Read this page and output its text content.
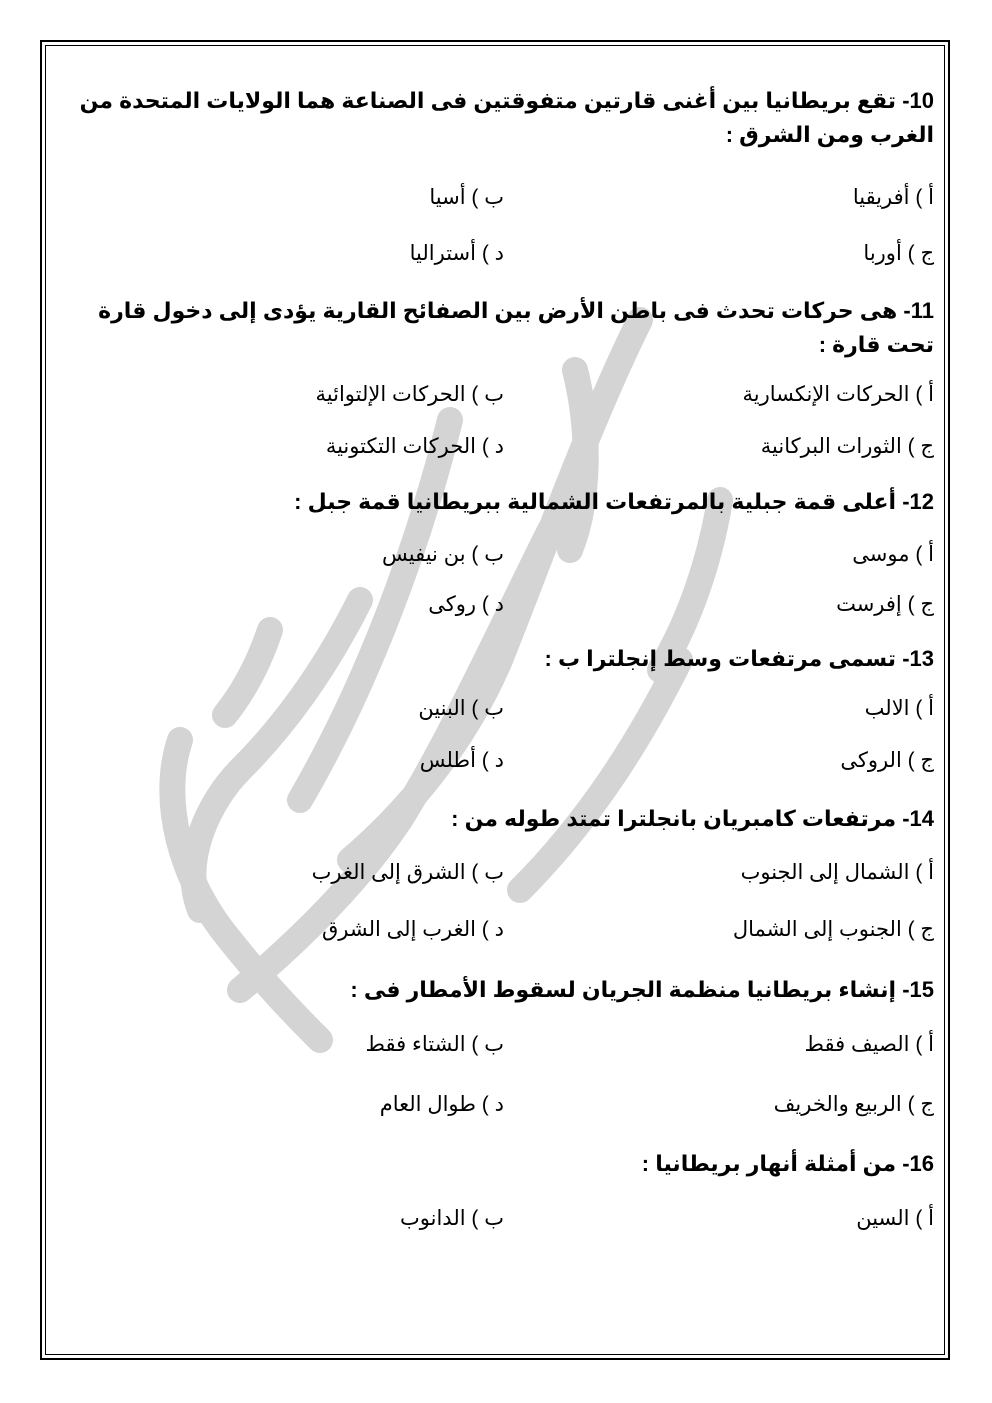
10- تقع بريطانيا بين أغنى قارتين متفوقتين فى الصناعة هما الولايات المتحدة من الغرب ومن الشرق :
أ ) أفريقيا
ب ) أسيا
ج ) أوربا
د ) أستراليا
11- هى حركات تحدث فى باطن الأرض بين الصفائح القارية يؤدى إلى دخول قارة تحت قارة :
أ ) الحركات الإنكسارية
ب ) الحركات الإلتوائية
ج ) الثورات البركانية
د ) الحركات التكتونية
12- أعلى قمة جبلية بالمرتفعات الشمالية ببريطانيا قمة جبل :
أ ) موسى
ب ) بن نيفيس
ج ) إفرست
د ) روكى
13- تسمى مرتفعات وسط إنجلترا ب :
أ ) الالب
ب ) البنين
ج ) الروكى
د ) أطلس
14- مرتفعات كامبريان بانجلترا تمتد طوله من :
أ ) الشمال إلى الجنوب
ب ) الشرق إلى الغرب
ج ) الجنوب إلى الشمال
د ) الغرب إلى الشرق
15- إنشاء بريطانيا منظمة الجريان لسقوط الأمطار فى :
أ ) الصيف فقط
ب ) الشتاء فقط
ج ) الربيع والخريف
د ) طوال العام
16- من أمثلة أنهار بريطانيا :
أ ) السين
ب ) الدانوب
